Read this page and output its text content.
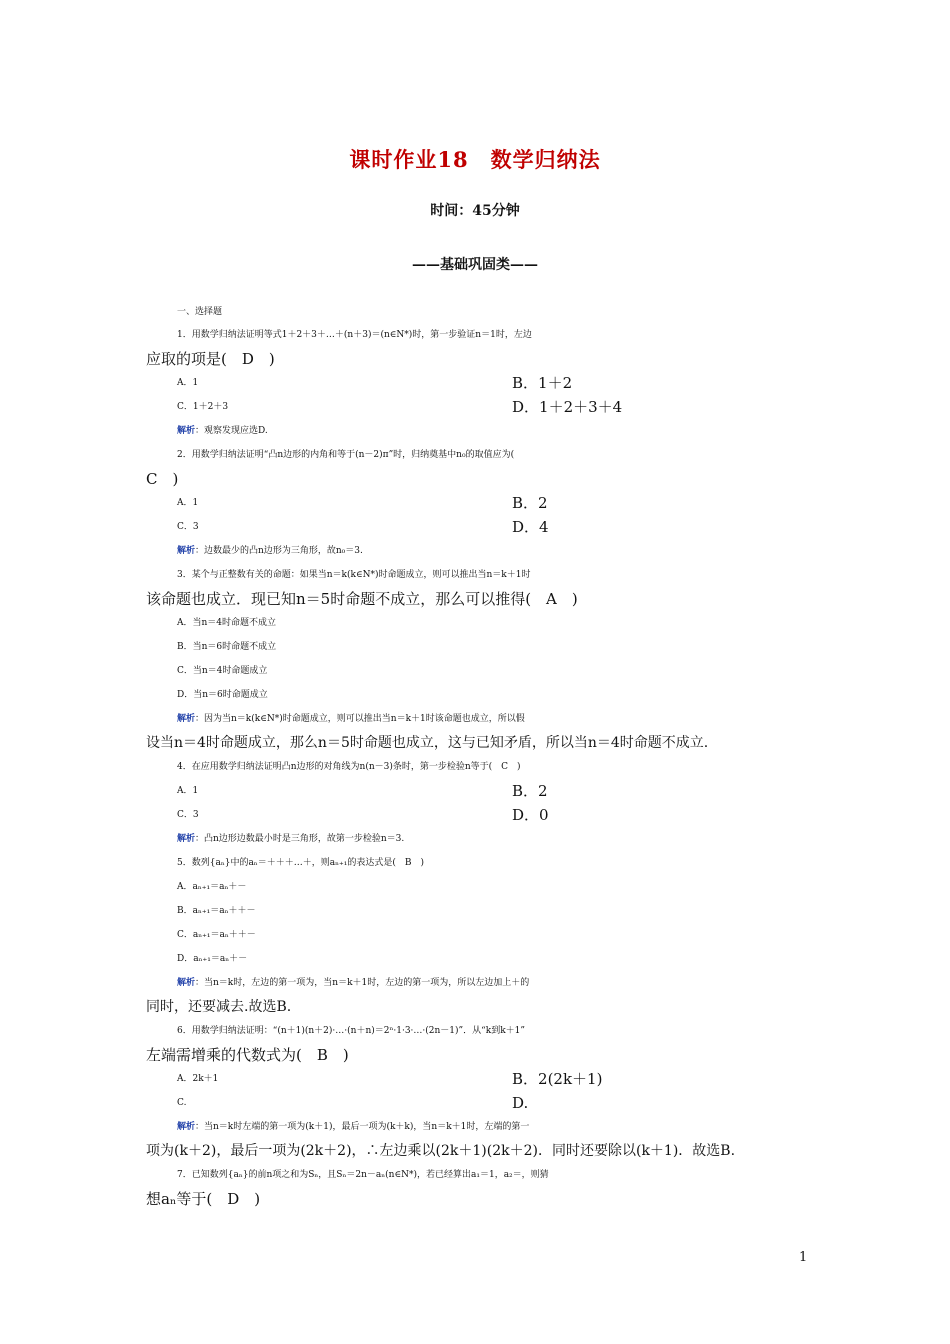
课时作业18　数学归纳法
时间：45分钟
——基础巩固类——
一、选择题
1．用数学归纳法证明等式1＋2＋3＋…＋(n＋3)＝(n∈N*)时，第一步验证n＝1时，左边
应取的项是(　D　)
A．1	B．1＋2
C．1＋2＋3	D．1＋2＋3＋4
解析：观察发现应选D.
2．用数学归纳法证明“凸n边形的内角和等于(n－2)π”时，归纳奠基中n₀的取值应为(
C　)
A．1	B．2
C．3	D．4
解析：边数最少的凸n边形为三角形，故n₀＝3.
3．某个与正整数有关的命题：如果当n＝k(k∈N*)时命题成立，则可以推出当n＝k＋1时
该命题也成立．现已知n＝5时命题不成立，那么可以推得(　A　)
A．当n＝4时命题不成立
B．当n＝6时命题不成立
C．当n＝4时命题成立
D．当n＝6时命题成立
解析：因为当n＝k(k∈N*)时命题成立，则可以推出当n＝k＋1时该命题也成立，所以假
设当n＝4时命题成立，那么n＝5时命题也成立，这与已知矛盾，所以当n＝4时命题不成立.
4．在应用数学归纳法证明凸n边形的对角线为n(n－3)条时，第一步检验n等于(　C　)
A．1	B．2
C．3	D．0
解析：凸n边形边数最小时是三角形，故第一步检验n＝3.
5．数列{aₙ}中的aₙ＝＋＋＋…＋，则aₙ₊₁的表达式是(　B　)
A．aₙ₊₁＝aₙ＋－
B．aₙ₊₁＝aₙ＋＋－
C．aₙ₊₁＝aₙ＋＋－
D．aₙ₊₁＝aₙ＋－
解析：当n＝k时，左边的第一项为，当n＝k＋1时，左边的第一项为，所以左边加上＋的
同时，还要减去.故选B.
6．用数学归纳法证明：“(n＋1)(n＋2)·…·(n＋n)＝2ⁿ·1·3·…·(2n－1)”．从“k到k＋1”
左端需增乘的代数式为(　B　)
A．2k＋1	B．2(2k＋1)
C.	D.
解析：当n＝k时左端的第一项为(k＋1)，最后一项为(k＋k)，当n＝k＋1时，左端的第一
项为(k＋2)，最后一项为(2k＋2)，∴左边乘以(2k＋1)(2k＋2)．同时还要除以(k＋1)．故选B.
7．已知数列{aₙ}的前n项之和为Sₙ，且Sₙ＝2n－aₙ(n∈N*)，若已经算出a₁＝1，a₂＝，则猜
想aₙ等于(　D　)
1
